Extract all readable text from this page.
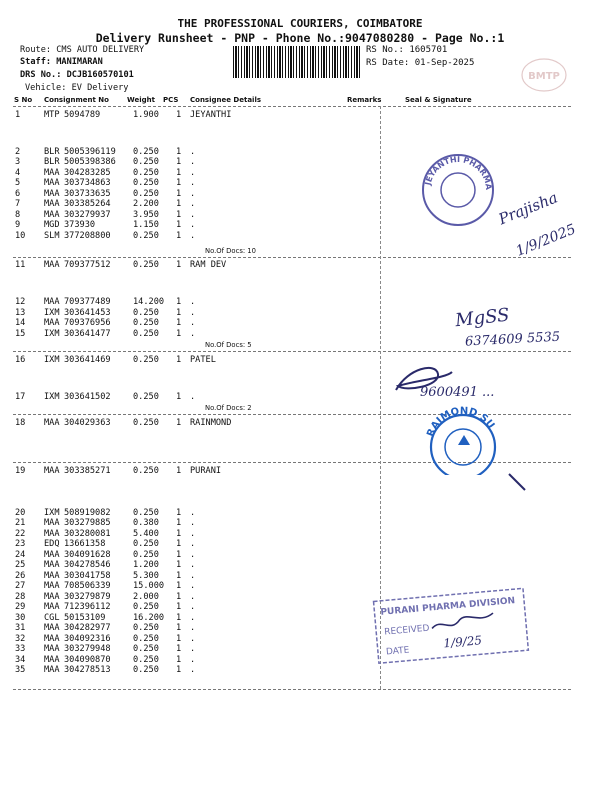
THE PROFESSIONAL COURIERS, COIMBATORE
Delivery Runsheet - PNP - Phone No.:9047080280 - Page No.:1
Route: CMS AUTO DELIVERY
Staff: MANIMARAN
DRS No.: DCJB160570101
Vehicle: EV Delivery
RS No.: 1605701
RS Date: 01-Sep-2025
BMTP
S No Consignment No	Weight PCS Consignee Details	Remarks	Seal & Signature
1	MTP 5094789	1.900 1 JEYANTHI
2	BLR 5005396119 0.250 1 .
3	BLR 5005398386 0.250 1 .
4	MAA 304283285	0.250 1 .
5	MAA 303734863	0.250 1 .
6	MAA 303733635	0.250 1 .
7	MAA 303385264	2.200 1 .
8	MAA 303279937	3.950 1 .
9	MGD 373930	1.150 1 .
10 SLM 377208800	0.250 1 .
11 MAA 709377512	0.250 1 RAM DEV
12 MAA 709377489	14.200 1 .
13 IXM 303641453	0.250 1 .
14 MAA 709376956	0.250 1 .
15 IXM 303641477	0.250 1 .
16 IXM 303641469	0.250 1 PATEL
17 IXM 303641502	0.250 1 .
18 MAA 304029363	0.250 1 RAINMOND
19 MAA 303385271	0.250 1 PURANI
20 IXM 508919082	0.250 1 .
21 MAA 303279885	0.380 1 .
22 MAA 303280081	5.400 1 .
23 EDQ 13661358	0.250 1 .
24 MAA 304091628	0.250 1 .
25 MAA 304278546	1.200 1 .
26 MAA 303041758	5.300 1 .
27 MAA 708506339	15.000 1 .
28 MAA 303279879	2.000 1 .
29 MAA 712396112	0.250 1 .
30 CGL 50153109	16.200 1 .
31 MAA 304282977	0.250 1 .
32 MAA 304092316	0.250 1 .
33 MAA 303279948	0.250 1 .
34 MAA 304090870	0.250 1 .
35 MAA 304278513	0.250 1 .
No.Of Docs: 10
No.Of Docs: 5
No.Of Docs: 2
JEYANTHI PHARMA
Prajisha
1/9/2025
MgSS
6374609 5535
9600491 ...
RAIMOND SU
PURANI PHARMA DIVISION
RECEIVED
DATE
1/9/25
